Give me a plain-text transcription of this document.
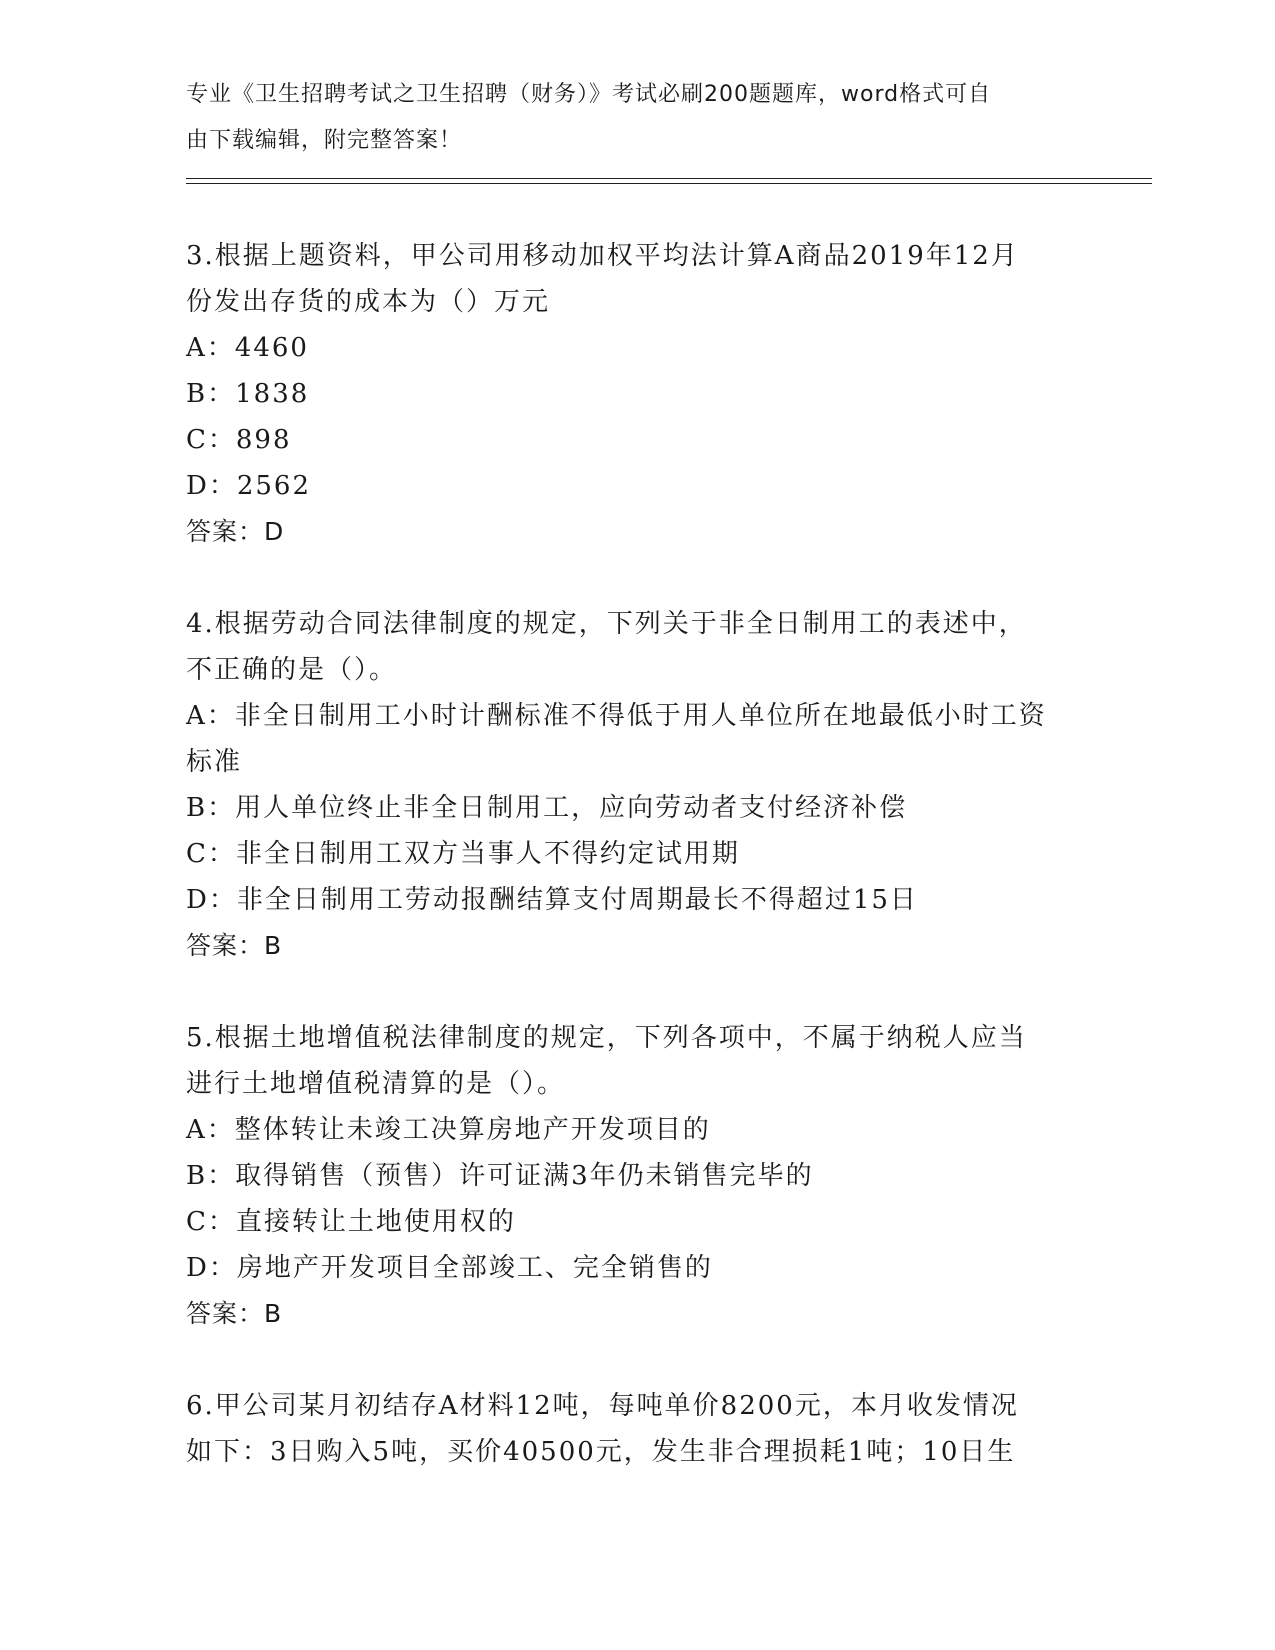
专业《卫生招聘考试之卫生招聘（财务）》考试必刷200题题库，word格式可自
由下载编辑，附完整答案！
3.根据上题资料，甲公司用移动加权平均法计算A商品2019年12月
份发出存货的成本为（）万元
A：4460
B：1838
C：898
D：2562
答案：D
4.根据劳动合同法律制度的规定，下列关于非全日制用工的表述中，
不正确的是（）。
A：非全日制用工小时计酬标准不得低于用人单位所在地最低小时工资
标准
B：用人单位终止非全日制用工，应向劳动者支付经济补偿
C：非全日制用工双方当事人不得约定试用期
D：非全日制用工劳动报酬结算支付周期最长不得超过15日
答案：B
5.根据土地增值税法律制度的规定，下列各项中，不属于纳税人应当
进行土地增值税清算的是（）。
A：整体转让未竣工决算房地产开发项目的
B：取得销售（预售）许可证满3年仍未销售完毕的
C：直接转让土地使用权的
D：房地产开发项目全部竣工、完全销售的
答案：B
6.甲公司某月初结存A材料12吨，每吨单价8200元，本月收发情况
如下：3日购入5吨，买价40500元，发生非合理损耗1吨；10日生
